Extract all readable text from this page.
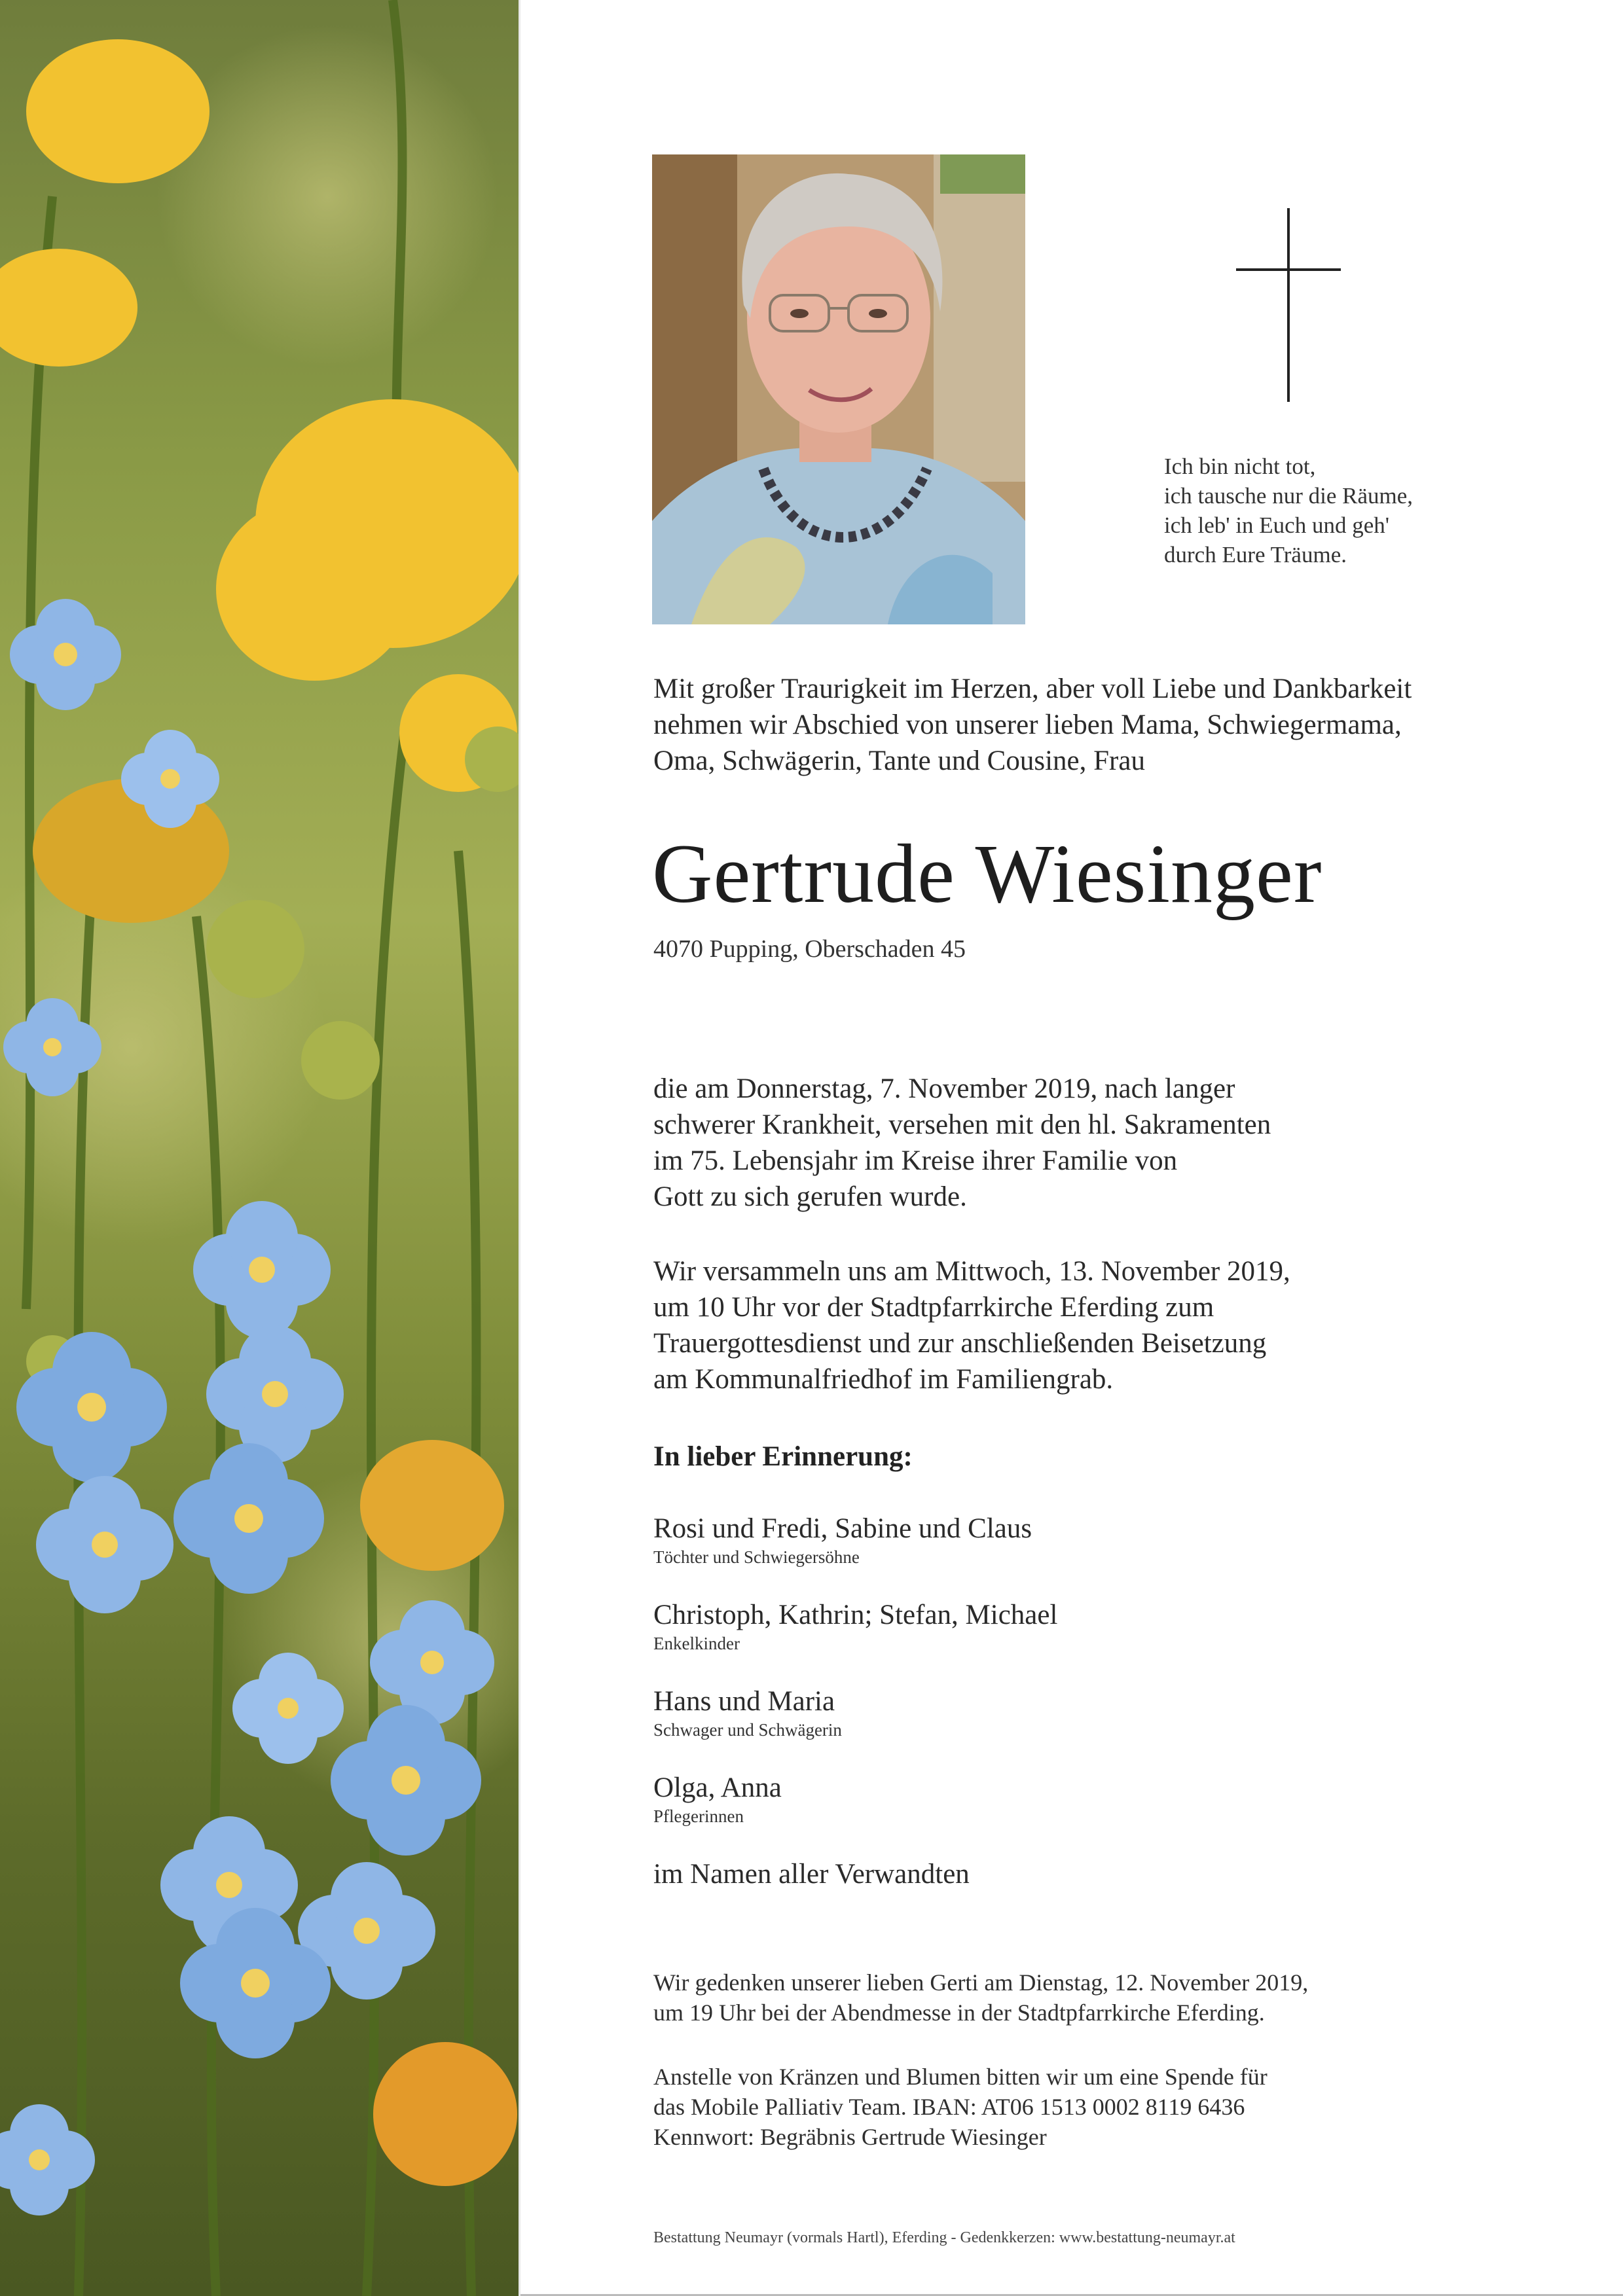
Ich bin nicht tot,
ich tausche nur die Räume,
ich leb' in Euch und geh'
durch Eure Träume.
Mit großer Traurigkeit im Herzen, aber voll Liebe und Dankbarkeit
nehmen wir Abschied von unserer lieben Mama, Schwiegermama,
Oma, Schwägerin, Tante und Cousine, Frau
Gertrude Wiesinger
4070 Pupping, Oberschaden 45
die am Donnerstag, 7. November 2019, nach langer
schwerer Krankheit, versehen mit den hl. Sakramenten
im 75. Lebensjahr im Kreise ihrer Familie von
Gott zu sich gerufen wurde.
Wir versammeln uns am Mittwoch, 13. November 2019,
um 10 Uhr vor der Stadtpfarrkirche Eferding zum
Trauergottesdienst und zur anschließenden Beisetzung
am Kommunalfriedhof im Familiengrab.
In lieber Erinnerung:
Rosi und Fredi, Sabine und Claus
Töchter und Schwiegersöhne
Christoph, Kathrin; Stefan, Michael
Enkelkinder
Hans und Maria
Schwager und Schwägerin
Olga, Anna
Pflegerinnen
im Namen aller Verwandten
Wir gedenken unserer lieben Gerti am Dienstag, 12. November 2019,
um 19 Uhr bei der Abendmesse in der Stadtpfarrkirche Eferding.
Anstelle von Kränzen und Blumen bitten wir um eine Spende für
das Mobile Palliativ Team. IBAN: AT06 1513 0002 8119 6436
Kennwort: Begräbnis Gertrude Wiesinger
Bestattung Neumayr (vormals Hartl), Eferding - Gedenkkerzen: www.bestattung-neumayr.at
